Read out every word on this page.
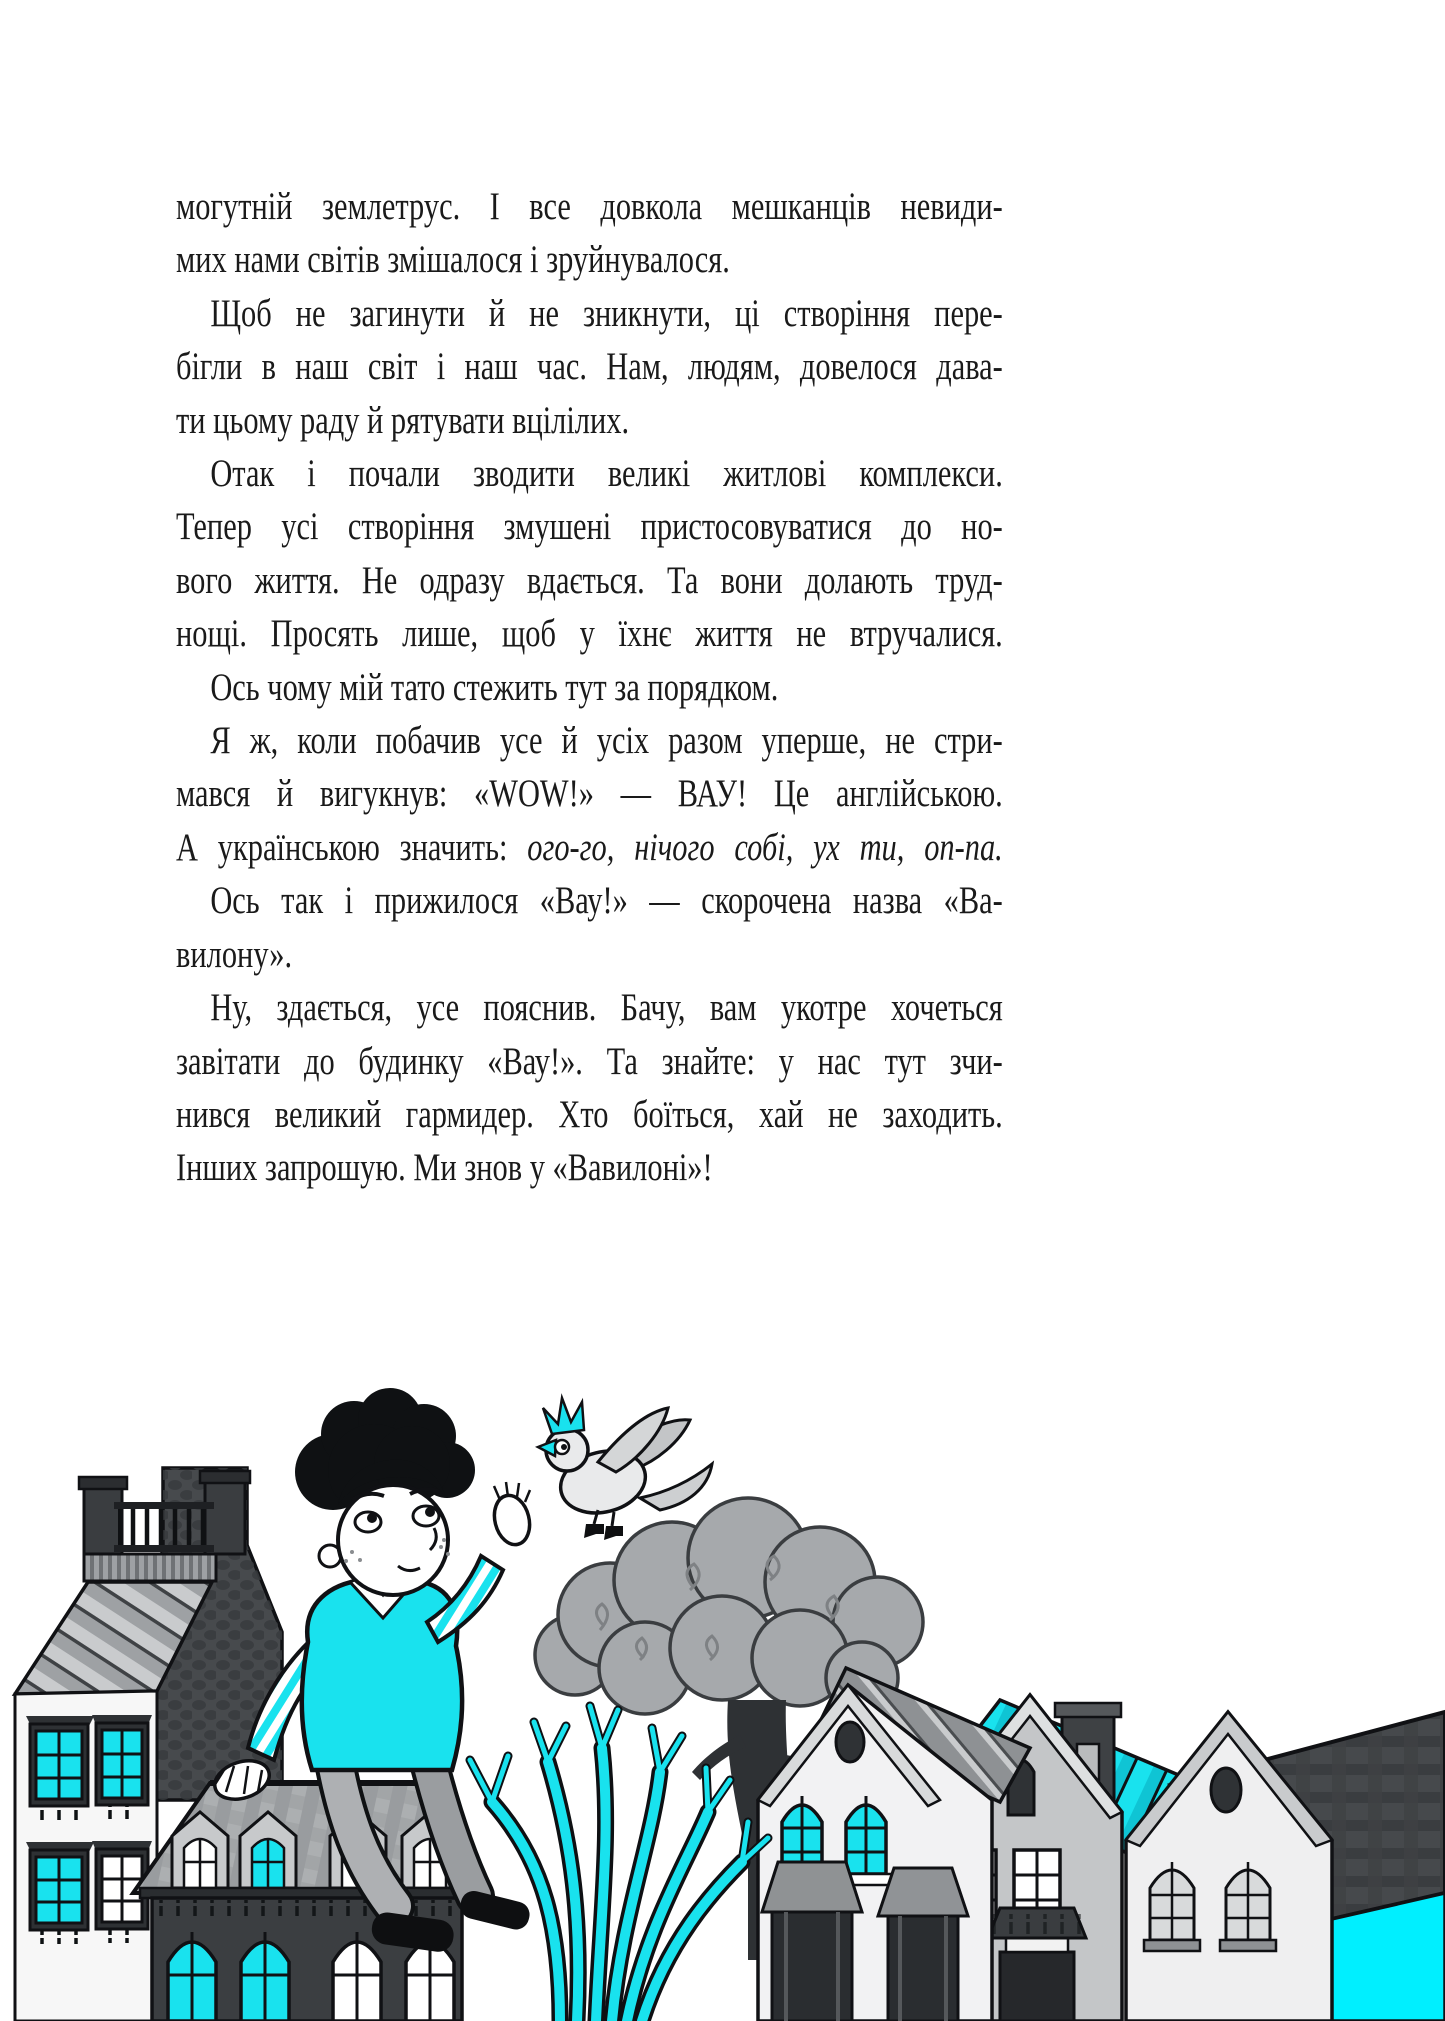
могутній землетрус. І все довкола мешканців невиди-
мих нами світів змішалося і зруйнувалося.
Щоб не загинути й не зникнути, ці створіння пере-
бігли в наш світ і наш час. Нам, людям, довелося дава-
ти цьому раду й рятувати вцілілих.
Отак і почали зводити великі житлові комплекси.
Тепер усі створіння змушені пристосовуватися до но-
вого життя. Не одразу вдається. Та вони долають труд-
нощі. Просять лише, щоб у їхнє життя не втручалися.
Ось чому мій тато стежить тут за порядком.
Я ж, коли побачив усе й усіх разом уперше, не стри-
мався й вигукнув: «WOW!» — ВАУ! Це англійською.
А українською значить: ого-го, нічого собі, ух ти, оп-па.
Ось так і прижилося «Вау!» — скорочена назва «Ва-
вилону».
Ну, здається, усе пояснив. Бачу, вам укотре хочеться
завітати до будинку «Вау!». Та знайте: у нас тут зчи-
нився великий гармидер. Хто боїться, хай не заходить.
Інших запрошую. Ми знов у «Вавилоні»!
